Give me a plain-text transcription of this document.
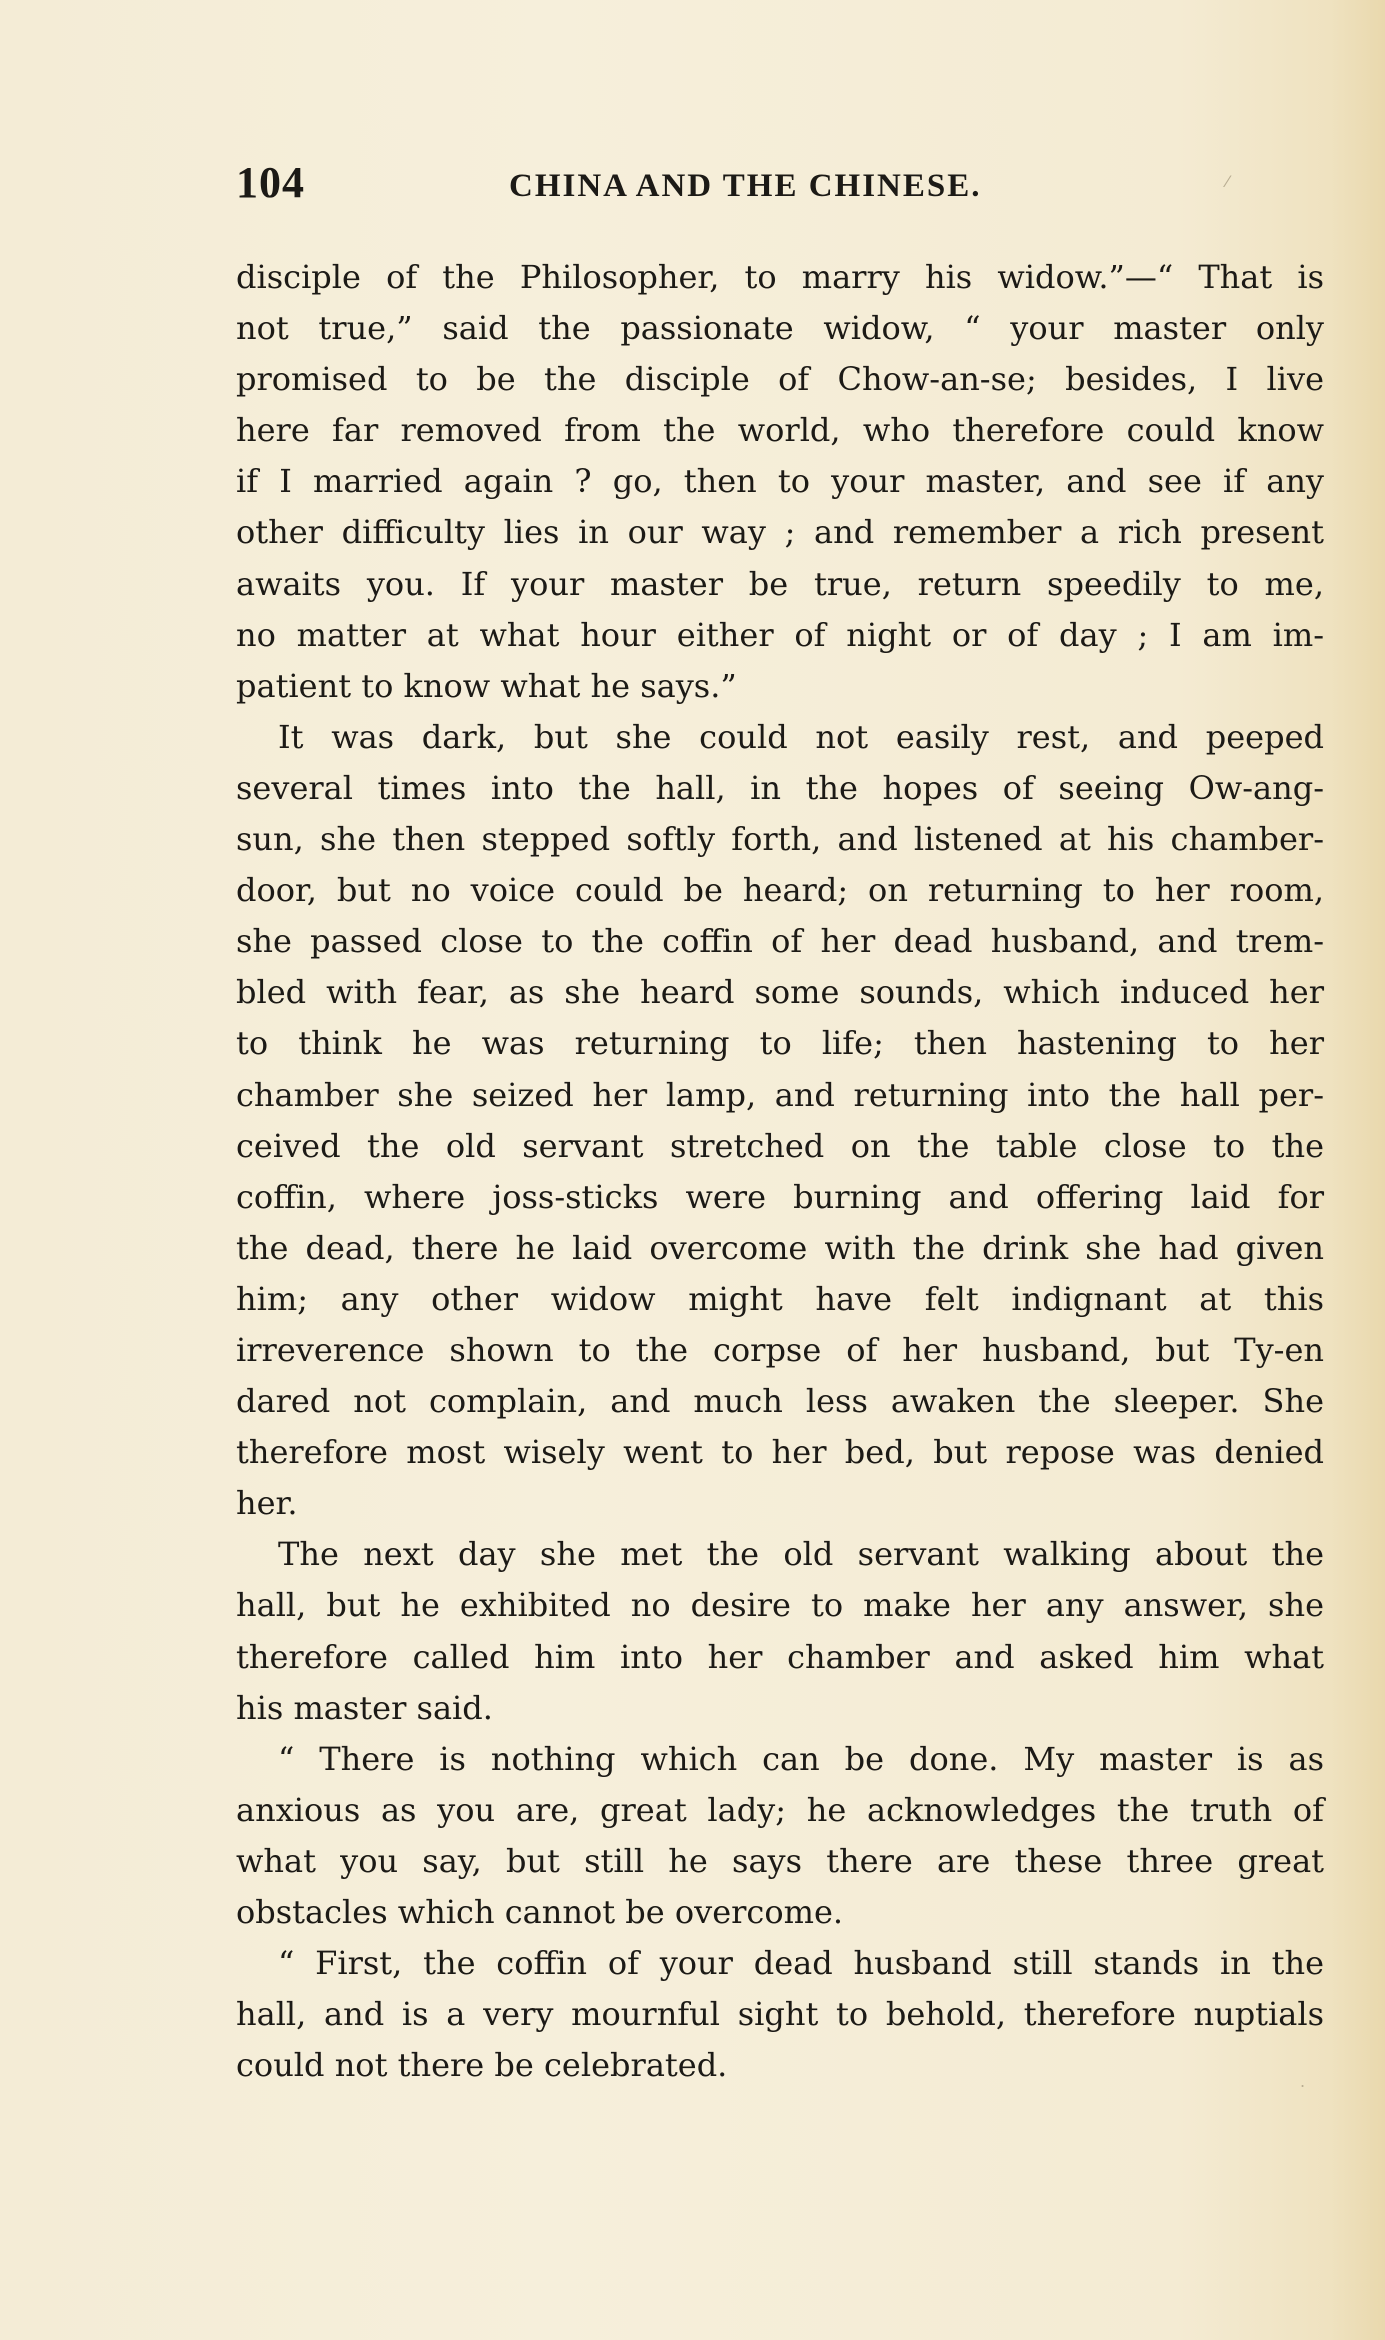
104	CHINA AND THE CHINESE.	⁄
disciple of the Philosopher, to marry his widow.”—“ That is
not true,” said the passionate widow, “ your master only
promised to be the disciple of Chow-an-se; besides, I live
here far removed from the world, who therefore could know
if I married again ? go, then to your master, and see if any
other difficulty lies in our way ; and remember a rich present
awaits you. If your master be true, return speedily to me,
no matter at what hour either of night or of day ; I am im-
patient to know what he says.”
It was dark, but she could not easily rest, and peeped
several times into the hall, in the hopes of seeing Ow-ang-
sun, she then stepped softly forth, and listened at his chamber-
door, but no voice could be heard; on returning to her room,
she passed close to the coffin of her dead husband, and trem-
bled with fear, as she heard some sounds, which induced her
to think he was returning to life; then hastening to her
chamber she seized her lamp, and returning into the hall per-
ceived the old servant stretched on the table close to the
coffin, where joss-sticks were burning and offering laid for
the dead, there he laid overcome with the drink she had given
him; any other widow might have felt indignant at this
irreverence shown to the corpse of her husband, but Ty-en
dared not complain, and much less awaken the sleeper. She
therefore most wisely went to her bed, but repose was denied
her.
The next day she met the old servant walking about the
hall, but he exhibited no desire to make her any answer, she
therefore called him into her chamber and asked him what
his master said.
“ There is nothing which can be done. My master is as
anxious as you are, great lady; he acknowledges the truth of
what you say, but still he says there are these three great
obstacles which cannot be overcome.
“ First, the coffin of your dead husband still stands in the
hall, and is a very mournful sight to behold, therefore nuptials
could not there be celebrated.	.
